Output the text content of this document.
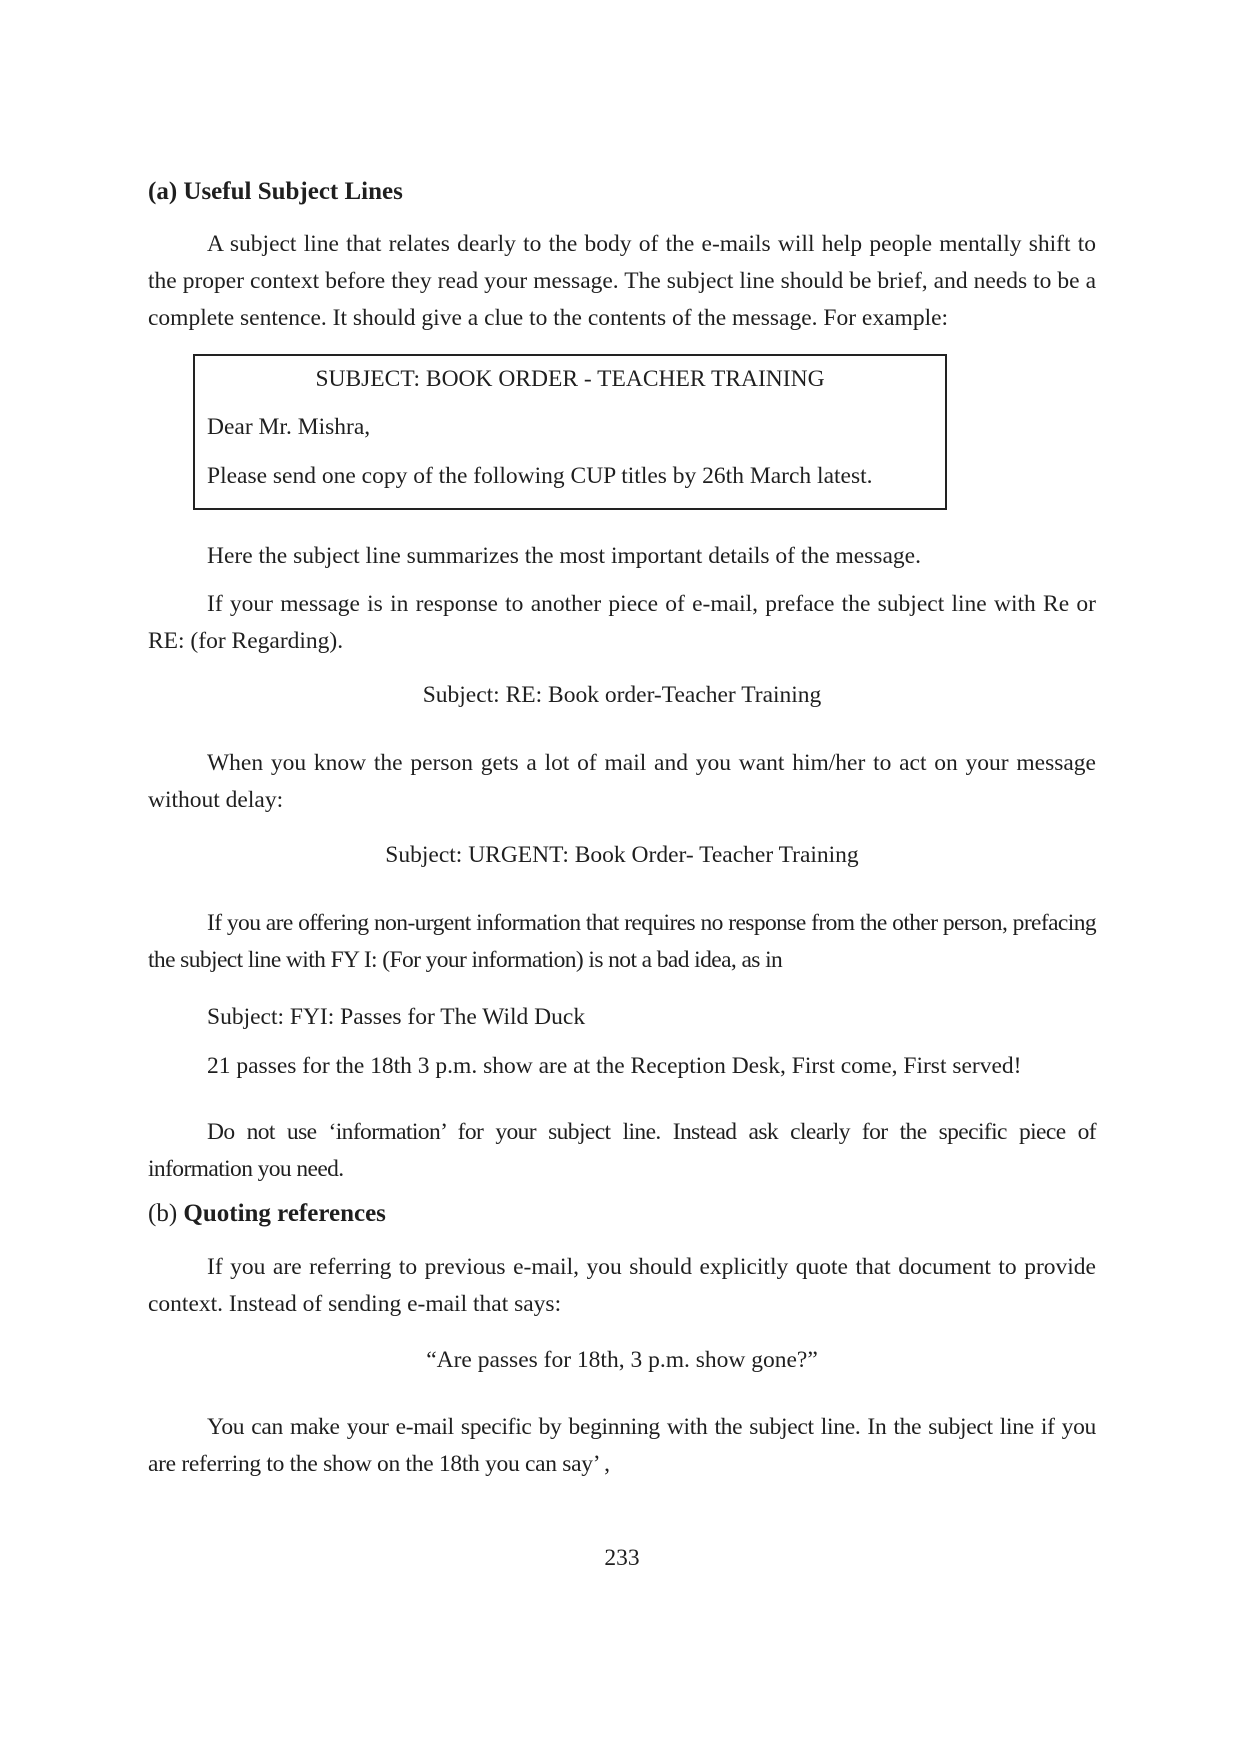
(a) Useful Subject Lines

A subject line that relates dearly to the body of the e-mails will help people mentally shift to the proper context before they read your message. The subject line should be brief, and needs to be a complete sentence. It should give a clue to the contents of the message. For example:

SUBJECT: BOOK ORDER - TEACHER TRAINING
Dear Mr. Mishra,
Please send one copy of the following CUP titles by 26th March latest.

Here the subject line summarizes the most important details of the message.

If your message is in response to another piece of e-mail, preface the subject line with Re or RE: (for Regarding).

Subject: RE: Book order-Teacher Training

When you know the person gets a lot of mail and you want him/her to act on your message without delay:

Subject: URGENT: Book Order- Teacher Training

If you are offering non-urgent information that requires no response from the other person, prefacing the subject line with FY I: (For your information) is not a bad idea, as in

Subject: FYI: Passes for The Wild Duck
21 passes for the 18th 3 p.m. show are at the Reception Desk, First come, First served!

Do not use ‘information’ for your subject line. Instead ask clearly for the specific piece of information you need.

(b) Quoting references

If you are referring to previous e-mail, you should explicitly quote that document to provide context. Instead of sending e-mail that says:

“Are passes for 18th, 3 p.m. show gone?”

You can make your e-mail specific by beginning with the subject line. In the subject line if you are referring to the show on the 18th you can say’ ,

233
